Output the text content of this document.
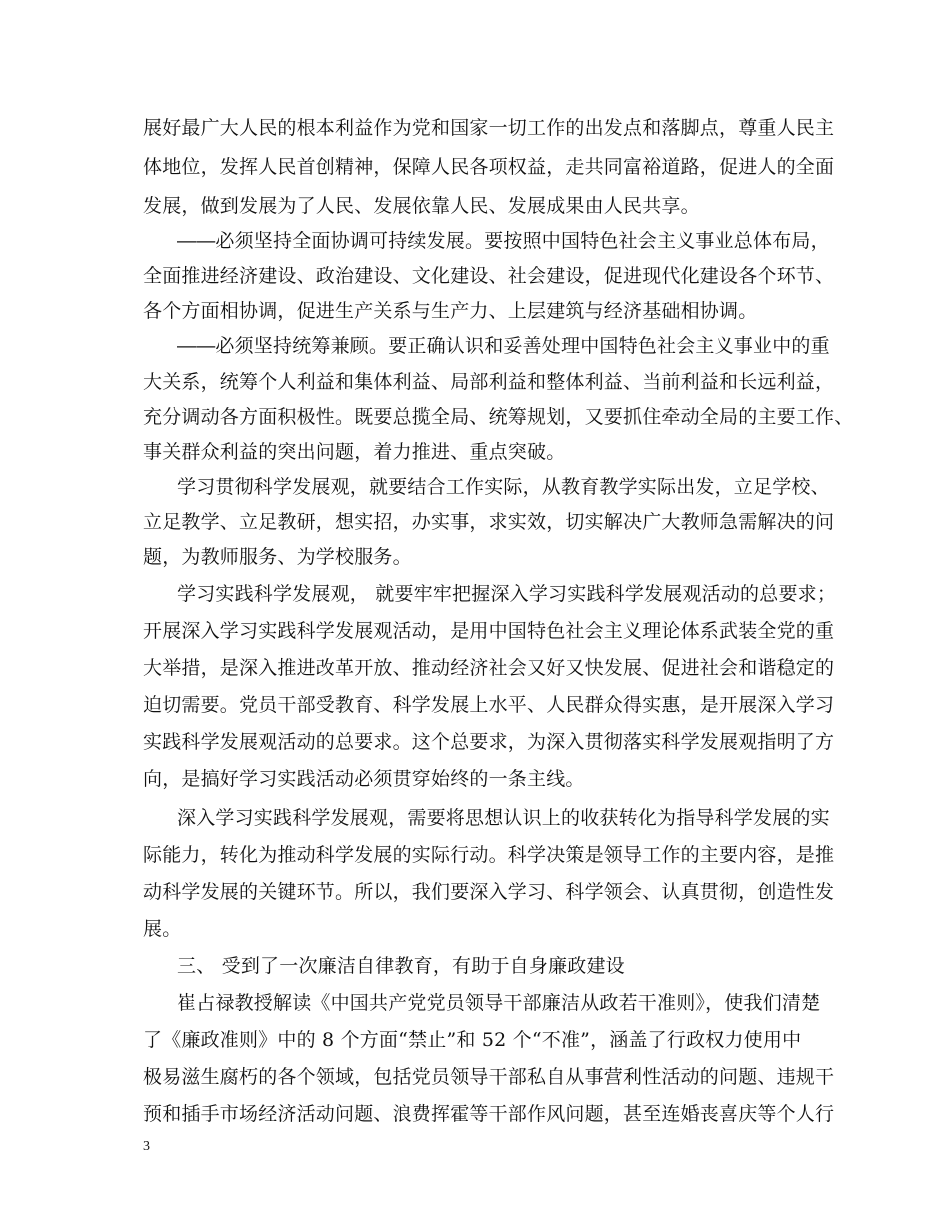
展好最广大人民的根本利益作为党和国家一切工作的出发点和落脚点，尊重人民主
体地位，发挥人民首创精神，保障人民各项权益，走共同富裕道路，促进人的全面
发展，做到发展为了人民、发展依靠人民、发展成果由人民共享。
――必须坚持全面协调可持续发展。要按照中国特色社会主义事业总体布局，
全面推进经济建设、政治建设、文化建设、社会建设，促进现代化建设各个环节、
各个方面相协调，促进生产关系与生产力、上层建筑与经济基础相协调。
――必须坚持统筹兼顾。要正确认识和妥善处理中国特色社会主义事业中的重
大关系，统筹个人利益和集体利益、局部利益和整体利益、当前利益和长远利益，
充分调动各方面积极性。既要总揽全局、统筹规划，又要抓住牵动全局的主要工作、
事关群众利益的突出问题，着力推进、重点突破。
学习贯彻科学发展观，就要结合工作实际，从教育教学实际出发，立足学校、
立足教学、立足教研，想实招，办实事，求实效，切实解决广大教师急需解决的问
题，为教师服务、为学校服务。
学习实践科学发展观， 就要牢牢把握深入学习实践科学发展观活动的总要求；
开展深入学习实践科学发展观活动，是用中国特色社会主义理论体系武装全党的重
大举措，是深入推进改革开放、推动经济社会又好又快发展、促进社会和谐稳定的
迫切需要。党员干部受教育、科学发展上水平、人民群众得实惠，是开展深入学习
实践科学发展观活动的总要求。这个总要求，为深入贯彻落实科学发展观指明了方
向，是搞好学习实践活动必须贯穿始终的一条主线。
深入学习实践科学发展观，需要将思想认识上的收获转化为指导科学发展的实
际能力，转化为推动科学发展的实际行动。科学决策是领导工作的主要内容，是推
动科学发展的关键环节。所以，我们要深入学习、科学领会、认真贯彻，创造性发
展。
三、 受到了一次廉洁自律教育，有助于自身廉政建设
崔占禄教授解读《中国共产党党员领导干部廉洁从政若干准则》，使我们清楚
了《廉政准则》中的 8 个方面“禁止”和 52 个“不准”，涵盖了行政权力使用中
极易滋生腐朽的各个领域，包括党员领导干部私自从事营利性活动的问题、违规干
预和插手市场经济活动问题、浪费挥霍等干部作风问题，甚至连婚丧喜庆等个人行
3
